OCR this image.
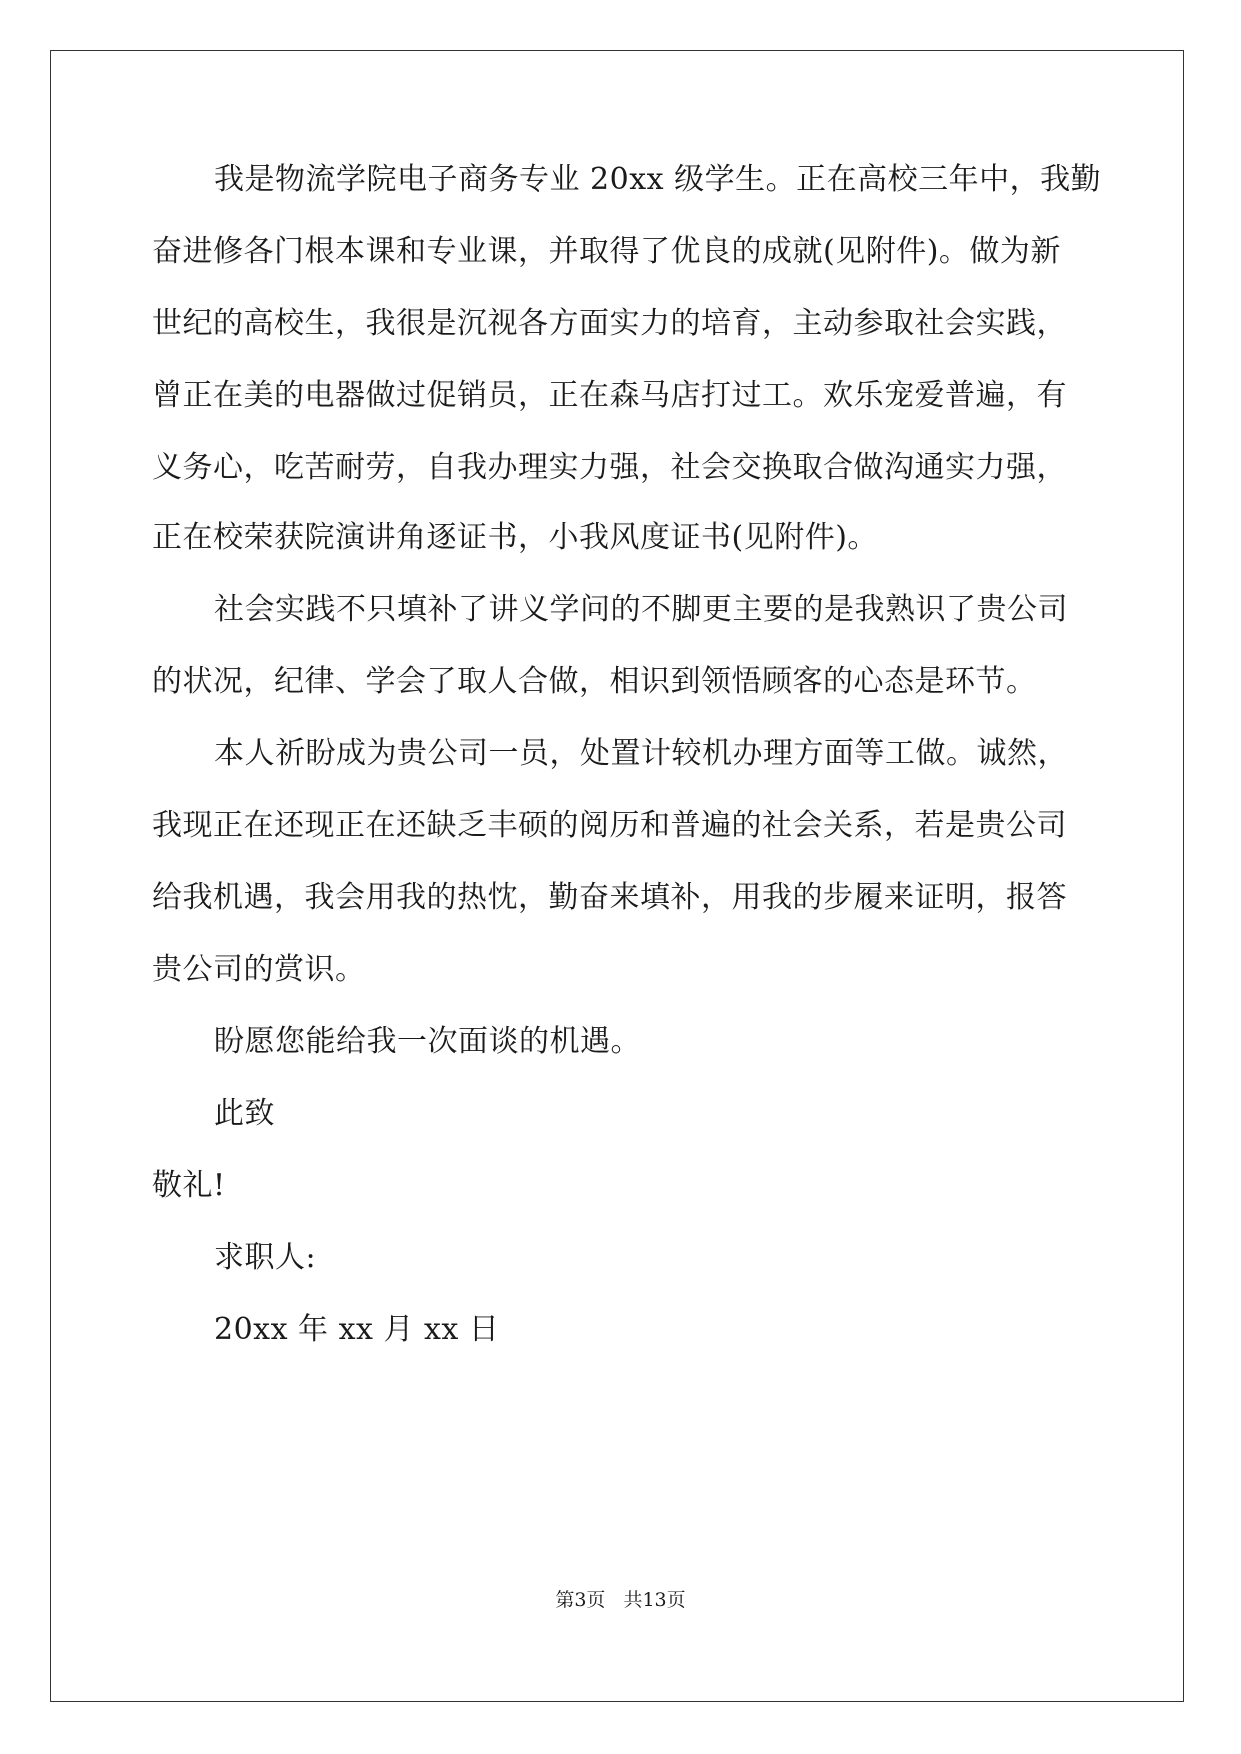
我是物流学院电子商务专业 20xx 级学生。正在高校三年中，我勤
奋进修各门根本课和专业课，并取得了优良的成就(见附件)。做为新
世纪的高校生，我很是沉视各方面实力的培育，主动参取社会实践，
曾正在美的电器做过促销员，正在森马店打过工。欢乐宠爱普遍，有
义务心，吃苦耐劳，自我办理实力强，社会交换取合做沟通实力强，
正在校荣获院演讲角逐证书，小我风度证书(见附件)。
社会实践不只填补了讲义学问的不脚更主要的是我熟识了贵公司
的状况，纪律、学会了取人合做，相识到领悟顾客的心态是环节。
本人祈盼成为贵公司一员，处置计较机办理方面等工做。诚然，
我现正在还现正在还缺乏丰硕的阅历和普遍的社会关系，若是贵公司
给我机遇，我会用我的热忱，勤奋来填补，用我的步履来证明，报答
贵公司的赏识。
盼愿您能给我一次面谈的机遇。
此致
敬礼!
求职人:
20xx 年 xx 月 xx 日
第3页 共13页
